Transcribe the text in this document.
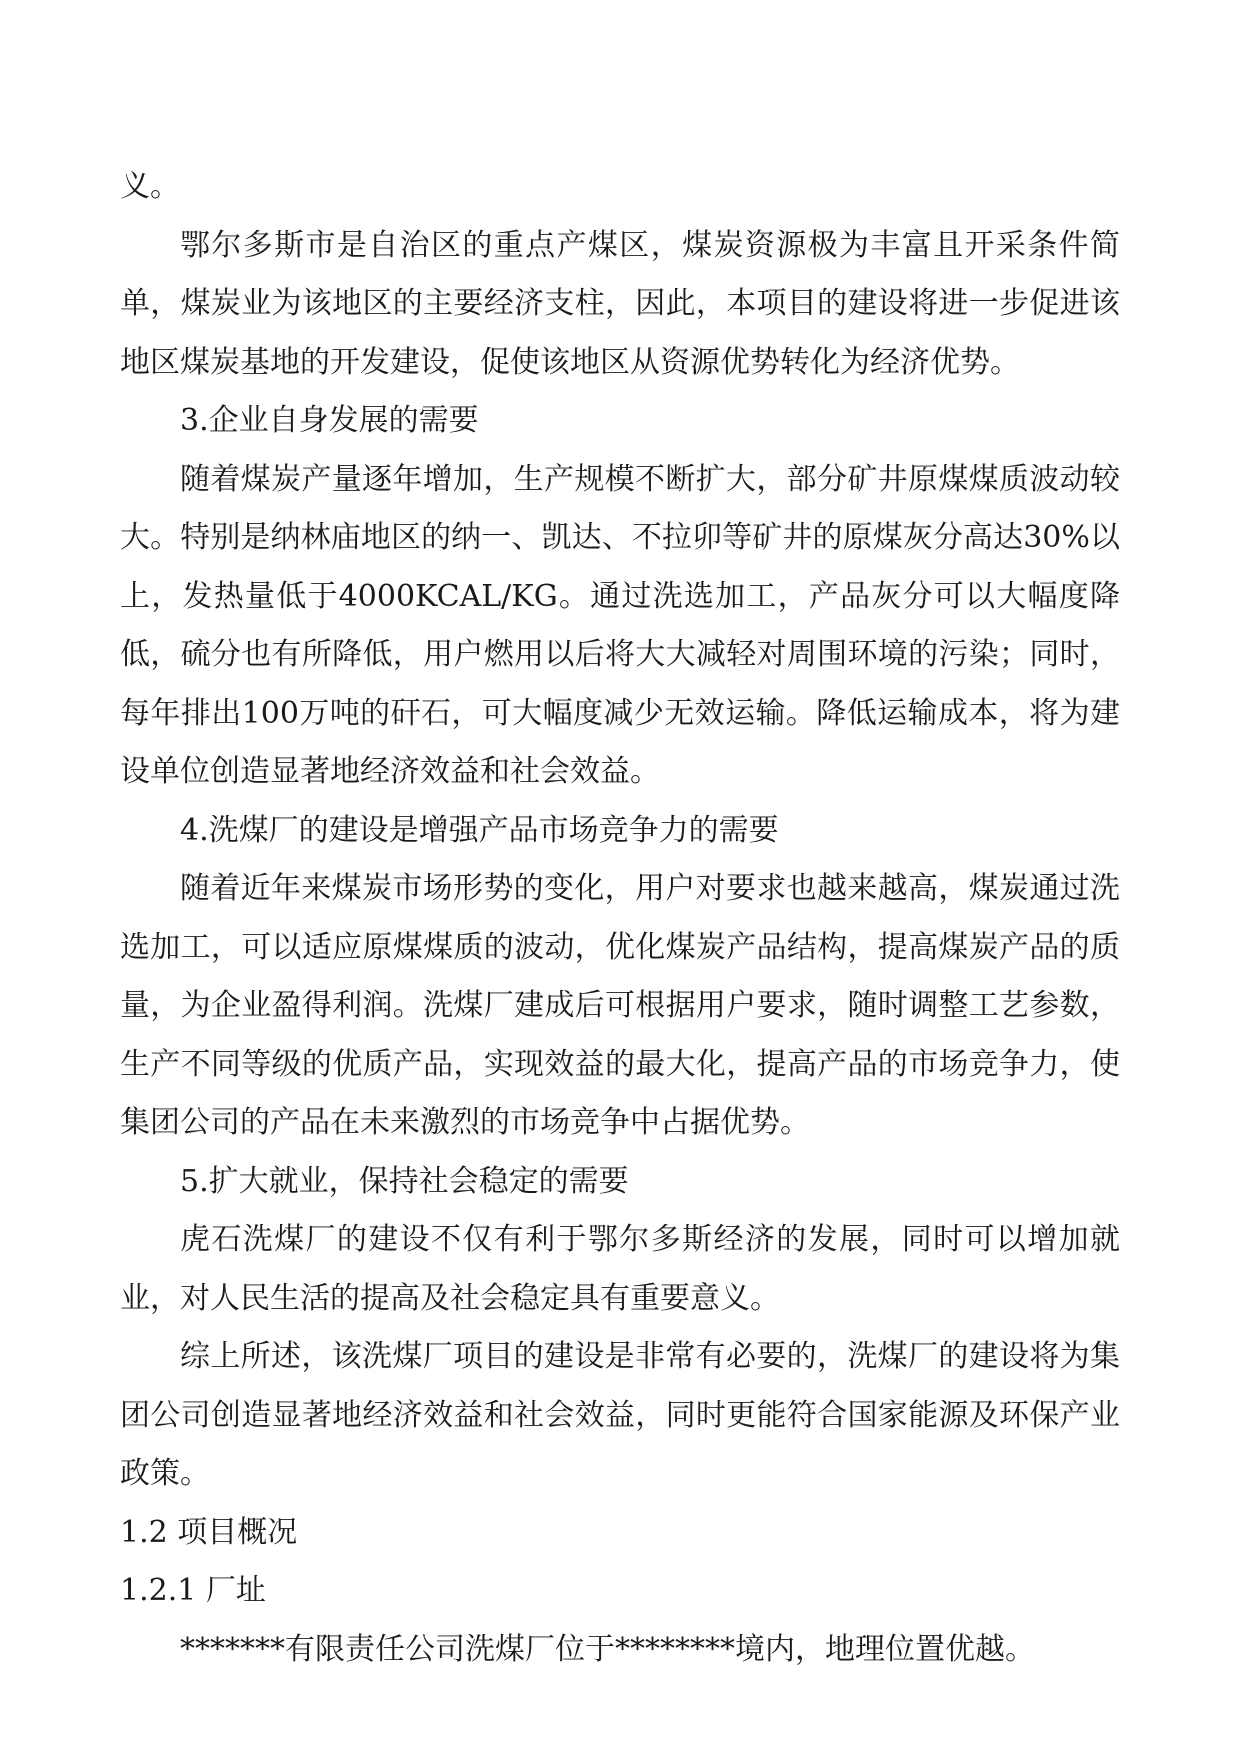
义。

鄂尔多斯市是自治区的重点产煤区，煤炭资源极为丰富且开采条件简单，煤炭业为该地区的主要经济支柱，因此，本项目的建设将进一步促进该地区煤炭基地的开发建设，促使该地区从资源优势转化为经济优势。

3.企业自身发展的需要

随着煤炭产量逐年增加，生产规模不断扩大，部分矿井原煤煤质波动较大。特别是纳林庙地区的纳一、凯达、不拉卯等矿井的原煤灰分高达30%以上，发热量低于4000KCAL/KG。通过洗选加工，产品灰分可以大幅度降低，硫分也有所降低，用户燃用以后将大大减轻对周围环境的污染；同时，每年排出100万吨的矸石，可大幅度减少无效运输。降低运输成本，将为建设单位创造显著地经济效益和社会效益。

4.洗煤厂的建设是增强产品市场竞争力的需要

随着近年来煤炭市场形势的变化，用户对要求也越来越高，煤炭通过洗选加工，可以适应原煤煤质的波动，优化煤炭产品结构，提高煤炭产品的质量，为企业盈得利润。洗煤厂建成后可根据用户要求，随时调整工艺参数，生产不同等级的优质产品，实现效益的最大化，提高产品的市场竞争力，使集团公司的产品在未来激烈的市场竞争中占据优势。

5.扩大就业，保持社会稳定的需要

虎石洗煤厂的建设不仅有利于鄂尔多斯经济的发展，同时可以增加就业，对人民生活的提高及社会稳定具有重要意义。

综上所述，该洗煤厂项目的建设是非常有必要的，洗煤厂的建设将为集团公司创造显著地经济效益和社会效益，同时更能符合国家能源及环保产业政策。

1.2 项目概况

1.2.1 厂址

*******有限责任公司洗煤厂位于********境内，地理位置优越。
